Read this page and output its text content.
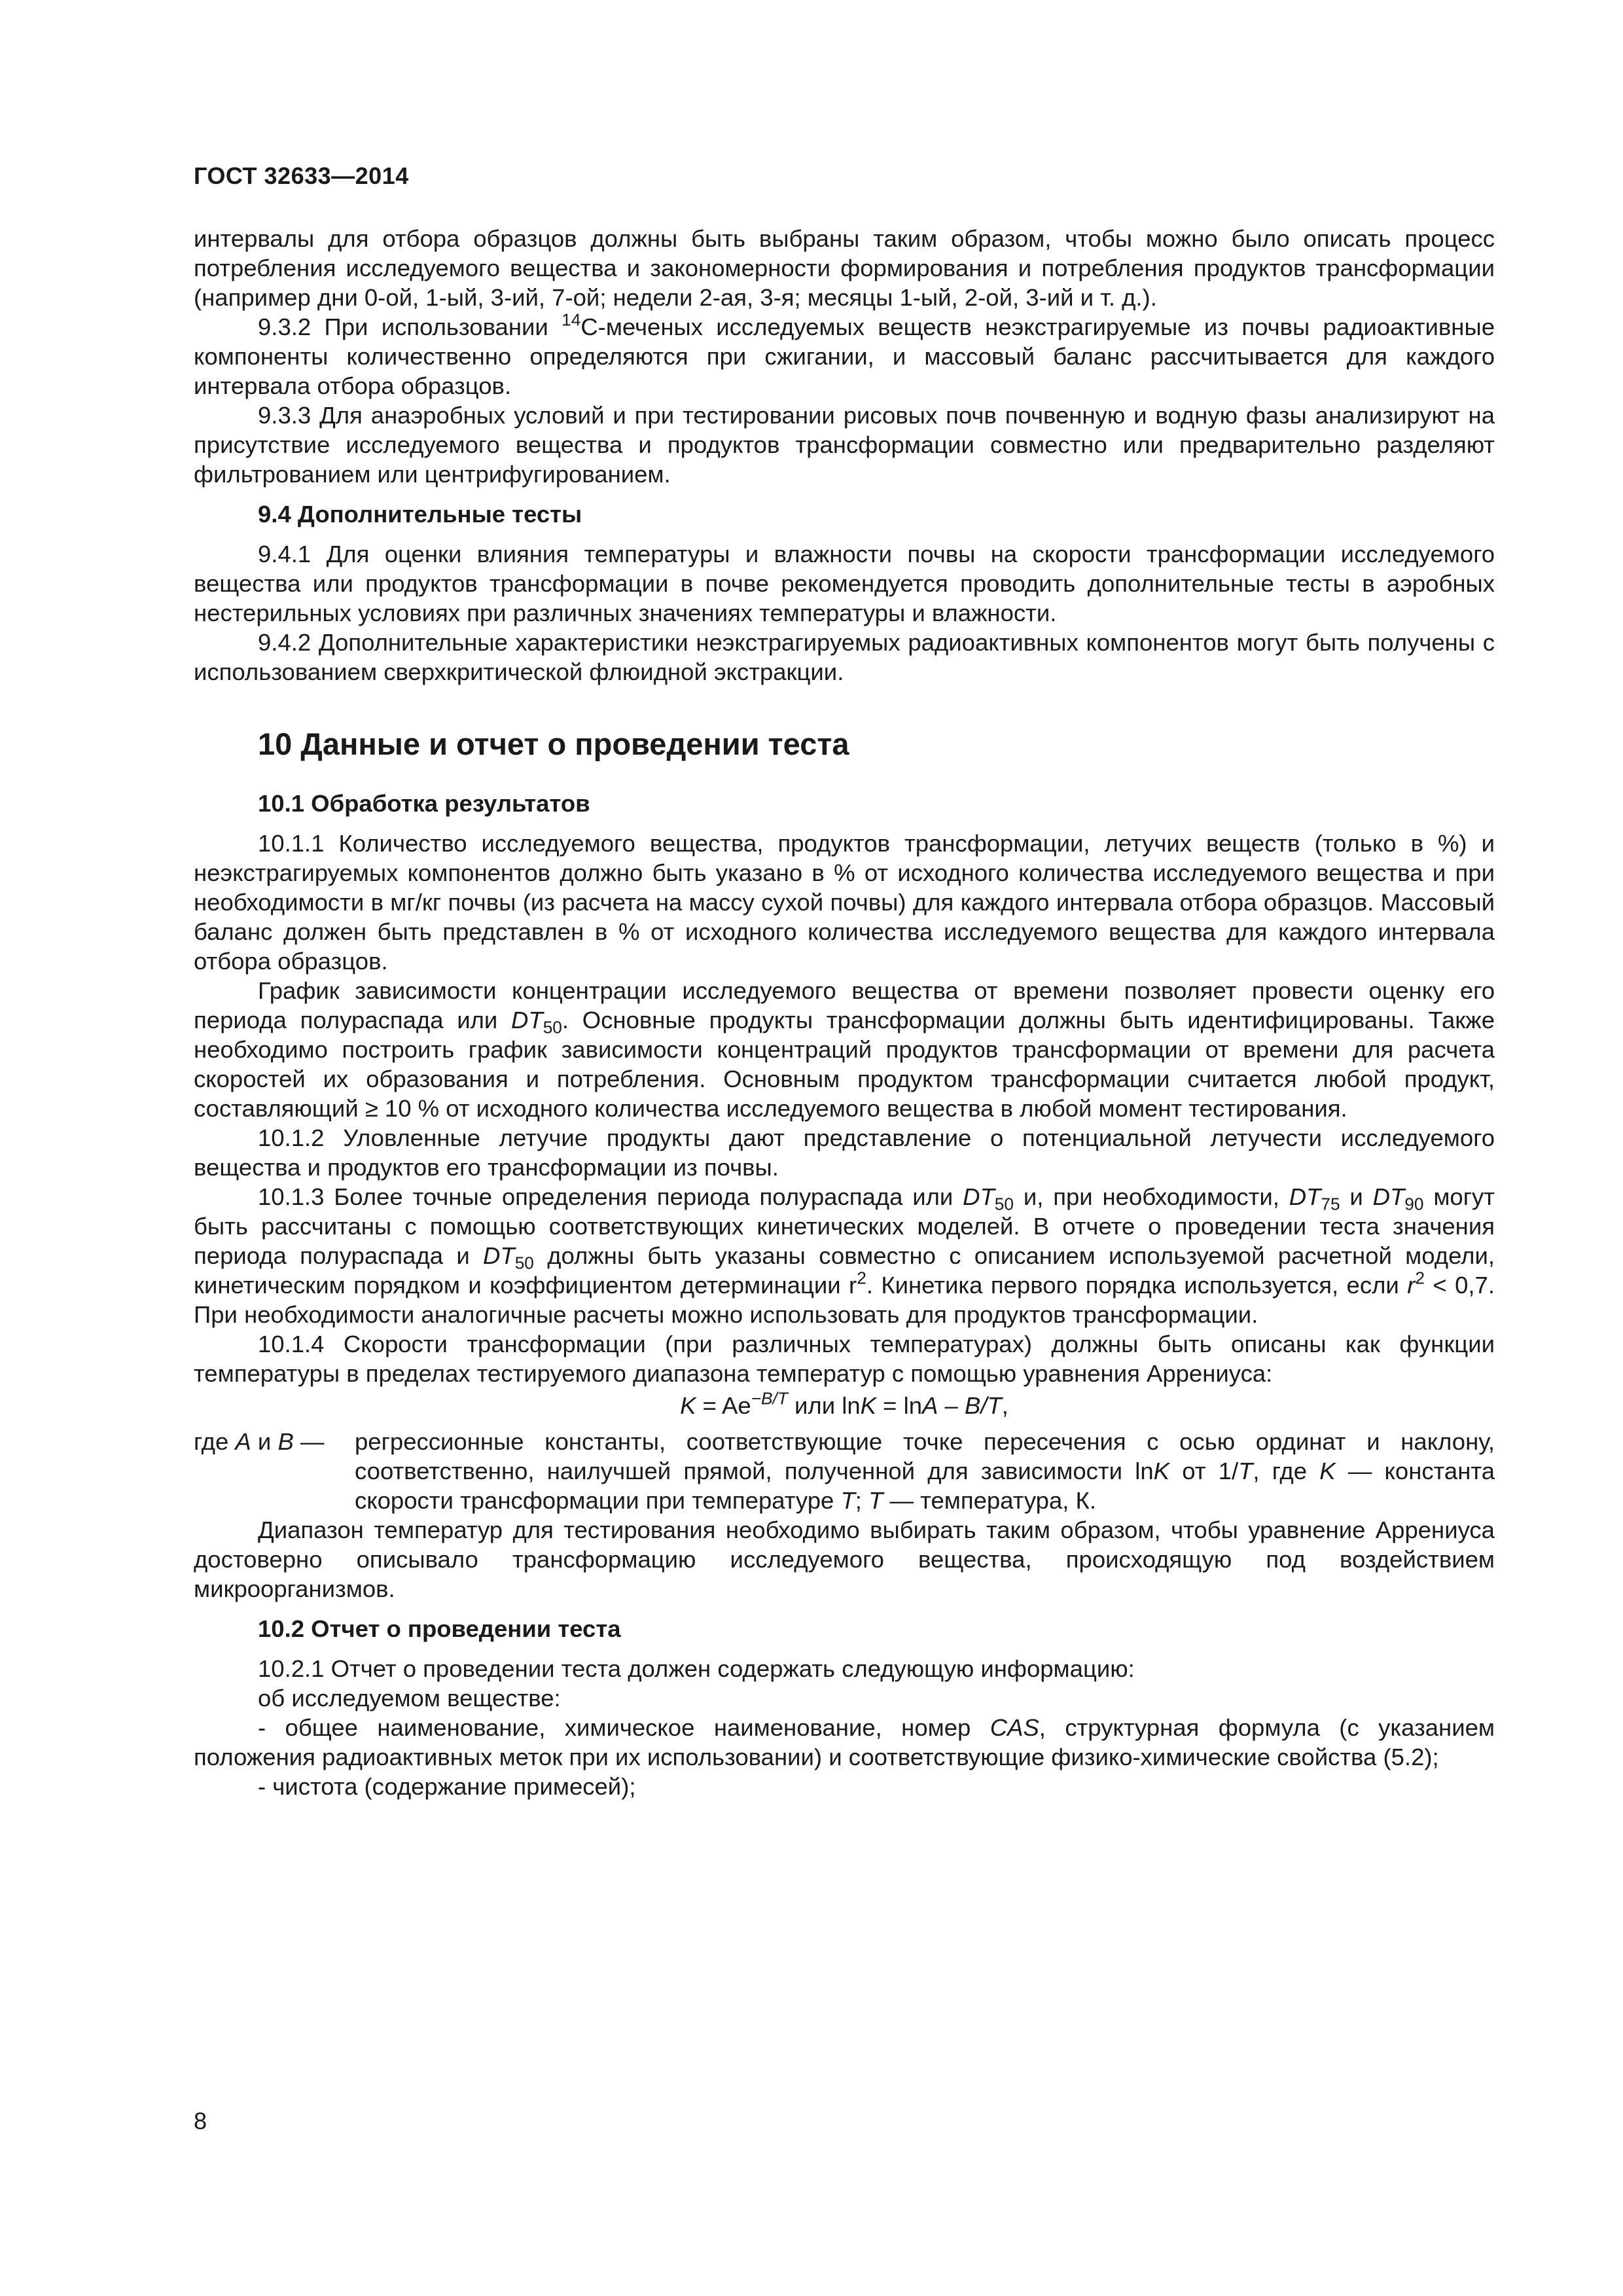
ГОСТ 32633—2014

интервалы для отбора образцов должны быть выбраны таким образом, чтобы можно было описать процесс потребления исследуемого вещества и закономерности формирования и потребления продуктов трансформации (например дни 0-ой, 1-ый, 3-ий, 7-ой; недели 2-ая, 3-я; месяцы 1-ый, 2-ой, 3-ий и т. д.).

9.3.2 При использовании $^{14}$С-меченых исследуемых веществ неэкстрагируемые из почвы радиоактивные компоненты количественно определяются при сжигании, и массовый баланс рассчитывается для каждого интервала отбора образцов.

9.3.3 Для анаэробных условий и при тестировании рисовых почв почвенную и водную фазы анализируют на присутствие исследуемого вещества и продуктов трансформации совместно или предварительно разделяют фильтрованием или центрифугированием.

9.4 Дополнительные тесты

9.4.1 Для оценки влияния температуры и влажности почвы на скорости трансформации исследуемого вещества или продуктов трансформации в почве рекомендуется проводить дополнительные тесты в аэробных нестерильных условиях при различных значениях температуры и влажности.

9.4.2 Дополнительные характеристики неэкстрагируемых радиоактивных компонентов могут быть получены с использованием сверхкритической флюидной экстракции.

10 Данные и отчет о проведении теста

10.1 Обработка результатов

10.1.1 Количество исследуемого вещества, продуктов трансформации, летучих веществ (только в %) и неэкстрагируемых компонентов должно быть указано в % от исходного количества исследуемого вещества и при необходимости в мг/кг почвы (из расчета на массу сухой почвы) для каждого интервала отбора образцов. Массовый баланс должен быть представлен в % от исходного количества исследуемого вещества для каждого интервала отбора образцов.

График зависимости концентрации исследуемого вещества от времени позволяет провести оценку его периода полураспада или $DT_{50}$. Основные продукты трансформации должны быть идентифицированы. Также необходимо построить график зависимости концентраций продуктов трансформации от времени для расчета скоростей их образования и потребления. Основным продуктом трансформации считается любой продукт, составляющий ≥ 10 % от исходного количества исследуемого вещества в любой момент тестирования.

10.1.2 Уловленные летучие продукты дают представление о потенциальной летучести исследуемого вещества и продуктов его трансформации из почвы.

10.1.3 Более точные определения периода полураспада или $DT_{50}$ и, при необходимости, $DT_{75}$ и $DT_{90}$ могут быть рассчитаны с помощью соответствующих кинетических моделей. В отчете о проведении теста значения периода полураспада и $DT_{50}$ должны быть указаны совместно с описанием используемой расчетной модели, кинетическим порядком и коэффициентом детерминации $r^2$. Кинетика первого порядка используется, если $r^2 < 0,7$. При необходимости аналогичные расчеты можно использовать для продуктов трансформации.

10.1.4 Скорости трансформации (при различных температурах) должны быть описаны как функции температуры в пределах тестируемого диапазона температур с помощью уравнения Аррениуса:

$K = Ae^{-B/T}$ или lnK = lnA – B/T,

где A и B —	регрессионные константы, соответствующие точке пересечения с осью ординат и наклону, соответственно, наилучшей прямой, полученной для зависимости lnK от 1/T, где K — константа скорости трансформации при температуре T; T — температура, К.

Диапазон температур для тестирования необходимо выбирать таким образом, чтобы уравнение Аррениуса достоверно описывало трансформацию исследуемого вещества, происходящую под воздействием микроорганизмов.

10.2 Отчет о проведении теста

10.2.1 Отчет о проведении теста должен содержать следующую информацию:

об исследуемом веществе:

- общее наименование, химическое наименование, номер CAS, структурная формула (с указанием положения радиоактивных меток при их использовании) и соответствующие физико-химические свойства (5.2);

- чистота (содержание примесей);

8
